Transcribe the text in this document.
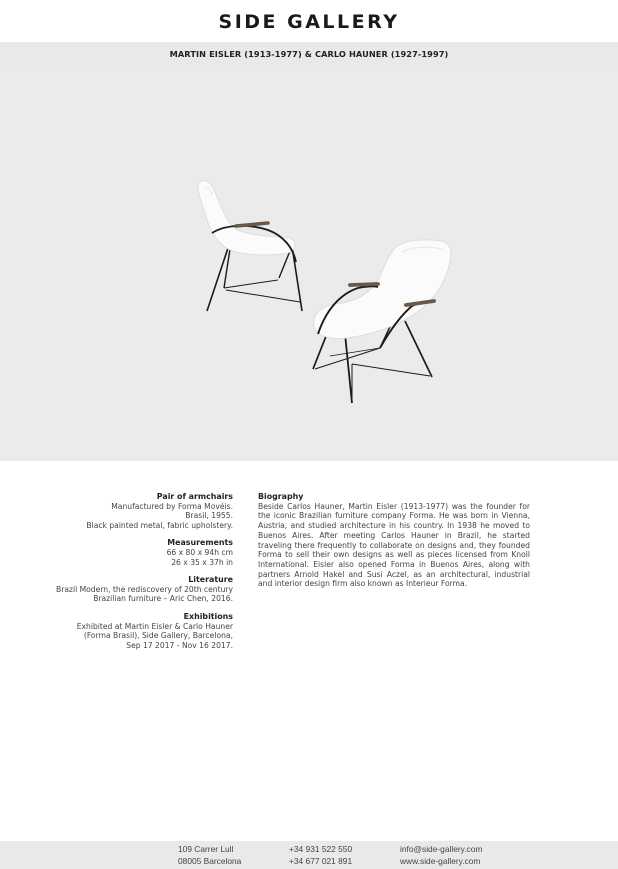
SIDE GALLERY
MARTIN EISLER (1913-1977) & CARLO HAUNER (1927-1997)
Pair of armchairs
Manufactured by Forma Movéis.
Brasil, 1955.
Black painted metal, fabric upholstery.
Measurements
66 x 80 x 94h cm
26 x 35 x 37h in
Literature
Brazil Modern, the rediscovery of 20th century
Brazilian furniture – Aric Chen, 2016.
Exhibitions
Exhibited at Martin Eisler & Carlo Hauner
(Forma Brasil), Side Gallery, Barcelona,
Sep 17 2017 - Nov 16 2017.
Biography
Beside Carlos Hauner, Martin Eisler (1913-1977) was the founder for the iconic Brazilian furniture company Forma. He was born in Vienna, Austria, and studied architecture in his country. In 1938 he moved to Buenos Aires. After meeting Carlos Hauner in Brazil, he started traveling there frequently to collaborate on designs and, they founded Forma to sell their own designs as well as pieces licensed from Knoll International. Eisler also opened Forma in Buenos Aires, along with partners Arnold Hakel and Susi Aczel, as an architectural, industrial and interior design firm also known as Interieur Forma.
109 Carrer Lull
08005 Barcelona
+34 931 522 550
+34 677 021 891
info@side-gallery.com
www.side-gallery.com
